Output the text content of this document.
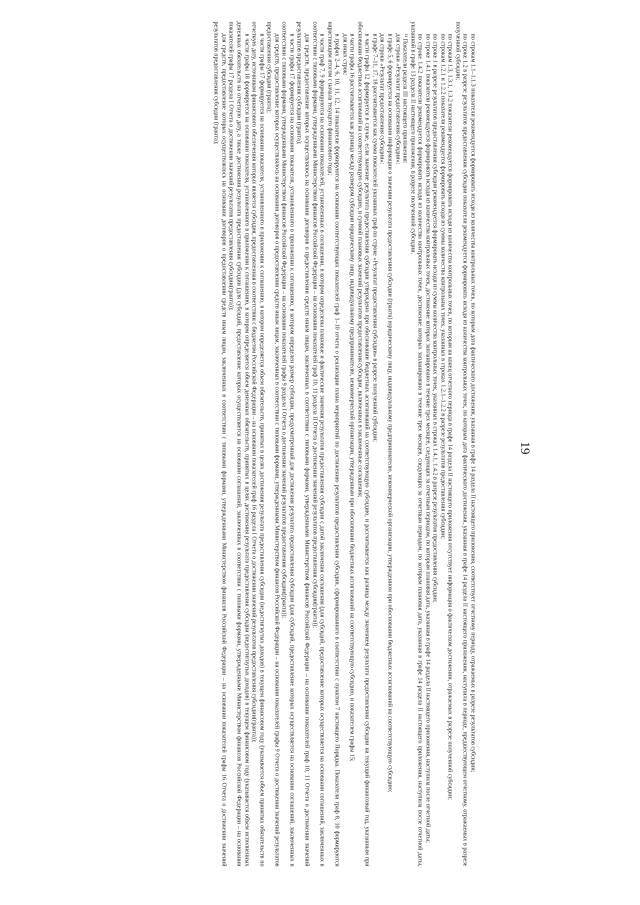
19

по строкам 1.1–1.1.3 показатели рекомендуется формировать исходя из количества контрольных точек, по которым дата фактического достижения, указанная в графе 14 раздела II настоящего приложения, соответствует отчетному периоду, отражаемых в разрезе результатов субсидии;

по строке 1.2 в разрезе результатов предоставления субсидии показатели рекомендуется формировать исходя из количества контрольных точек, по которым дата фактического достижения, указанная в графе 14 раздела II настоящего приложения, наступила в периоде, предшествующем отчетному, отражаемых в разрезе полученной субсидии;

по строкам 1.3, 1.3.1, 1.3.2 показатели рекомендуется формировать исходя из количества контрольных точек, по которым на конец отчетного периода в графе 14 раздела II настоящего приложения отсутствует информация о фактическом достижении, отражаемых в разрезе полученной субсидии;

по строкам 1.2.1 и 1.2.2 показатели рекомендуется формировать исходя из суммы количества контрольных точек, указанных в строках 1.2.1–1.2.2 в разрезе результатов предоставления субсидии;

по строке 1 в разрезе результатов предоставления субсидии рекомендуется формировать исходя из суммы количества контрольных точек, указанных в строках 1.4.1, 1.4.2 в разрезе результатов предоставления субсидии;

по строке 1.4.1 показатели рекомендуется формировать исходя из количества контрольных точек, достижение которых запланировано в течение трех месяцев, следующих за отчетным периодом, по которым плановая дата, указанная в графе 14 раздела II настоящего приложения, наступила после отчетной даты;

по строке 1.4.2 показатели рекомендуется формировать исходя из количества контрольных точек, достижение которых запланировано в течение трех месяцев, следующих за отчетным периодом, по которым плановая дата, указанная в графе 14 раздела II настоящего приложения, наступила после отчетной даты, указанной в графе 13 раздела II настоящего приложения, в разрезе полученной субсидии.

¹³ Показатели раздела III настоящего приложения:

для строки «Результат предоставления субсидии»:

в графе 5, 6 формируется на основании информации о значении результата предоставления субсидии (гранта) юридическому лицу, индивидуальному предпринимателю, некоммерческой организации, утвержденном при обосновании бюджетных ассигнований на соответствующую субсидию;

для строки «Результат предоставления субсидии»:

в графе 7–11, 17, 18 рассчитывается как сумма показателей указанных граф по строке «Результат предоставления субсидии» в разрезе полученной субсидии;

в части графы 12 формируется в случае, если значение результата предоставления субсидии утверждено при обосновании бюджетных ассигнований на соответствующую субсидию, и рассчитывается как разница между значением результата предоставления субсидии на текущий финансовый год, указанным при обосновании бюджетных ассигнований на соответствующую субсидию, и суммой плановых значений результатов предоставления субсидии, включенных в заключенные соглашения;

в части графы 16 рассчитывается как разница между размером субсидии юридическому лицу, индивидуальному предпринимателю, некоммерческой организации, утвержденным при обосновании бюджетных ассигнований на соответствующую субсидию, и показателем графы 15;

для иных строк:

в графах 2–4, 6, 10, 11, 12, 14 показатели формируются на основании соответствующих показателей граф 1–10 отчета о реализации плана мероприятий по достижению результатов предоставления субсидии, сформированного в соответствии с пунктом 7 настоящего Порядка. Показатели граф 8, 10 формируются нарастающим итогом с начала текущего финансового года;

в части граф 7, 9 формируются на основании показателей, установленных в соглашении, в котором определены плановые и фактические значения результатов предоставления субсидии с датой заключения соглашения (для субсидий, предоставление которых осуществляется на основании соглашений, заключенных в соответствии с типовыми формами, утвержденными Министерством финансов Российской Федерации – на основании показателей граф 10, 11 раздела II Отчета о достижении значений результатов предоставления субсидии(гранта));

для средств, предоставление которых осуществлялось на основании договоров о предоставлении средств иным лицам, заключенных в соответствии с типовыми формами, утвержденными Министерством финансов Российской Федерации – на основании показателей граф 10, 11 Отчета о достижении значений результатов предоставления субсидии (гранта);

в части графы 17 формируется на основании показателя, установленного в приложении к соглашению, в котором определен размер субсидии, предусмотренный для достижения результата предоставления субсидии (для субсидий, предоставление которых осуществляется на основании соглашений, заключенных в соответствии с типовыми формами, утвержденными Министерством финансов Российской Федерации – на основании показателей графы 9 раздела I Отчета о достижении значений результатов предоставления субсидии(гранта));

для средств, предоставление которых осуществлялось на основании договоров о предоставлении средств иным лицам, заключенных в соответствии с типовыми формами, утвержденными Министерством финансов Российской Федерации – на основании показателей графы 9 Отчета о достижении значений результатов предоставления субсидии (гранта);

в части графы 17 формируется на основании показателя, установленного в приложении к соглашению, в котором определяется объем обязательств, принятых в целях достижения результата предоставления субсидии (недостигнутых доходов) в текущем финансовом году (указывается объем принятых обязательств по отчетную дату, источником финансового обеспечения которых является субсидия, предоставленная в соответствии с бюджетом Российской Федерации – на основании показателей граф 16 раздела I Отчета о достижении значений результатов предоставления субсидии(гранта));

в части графы 18 формируется на основании показателя, установленного в приложении к соглашению, в котором определяется объем денежных обязательств, принятых в целях достижения результата предоставления субсидии (недостигнутых доходов) в текущем финансовом году (указывается объем исполненных денежных обязательств на отчетную дату, а также достижения результата предоставления субсидии (для субсидий, предоставление которых осуществляется на основании соглашений, заключенных в соответствии с типовыми формами, утвержденными Министерством финансов Российской Федерации – на основании показателей графы 17 раздела I Отчета о достижении значений результатов предоставления субсидии(гранта));

для средств, предоставление которых осуществлялось на основании договоров о предоставлении средств иным лицам, заключенных в соответствии с типовыми формами, утвержденными Министерством финансов Российской Федерации – на основании показателей графы 16 Отчета о достижении значений результатов предоставления субсидии (гранта);
